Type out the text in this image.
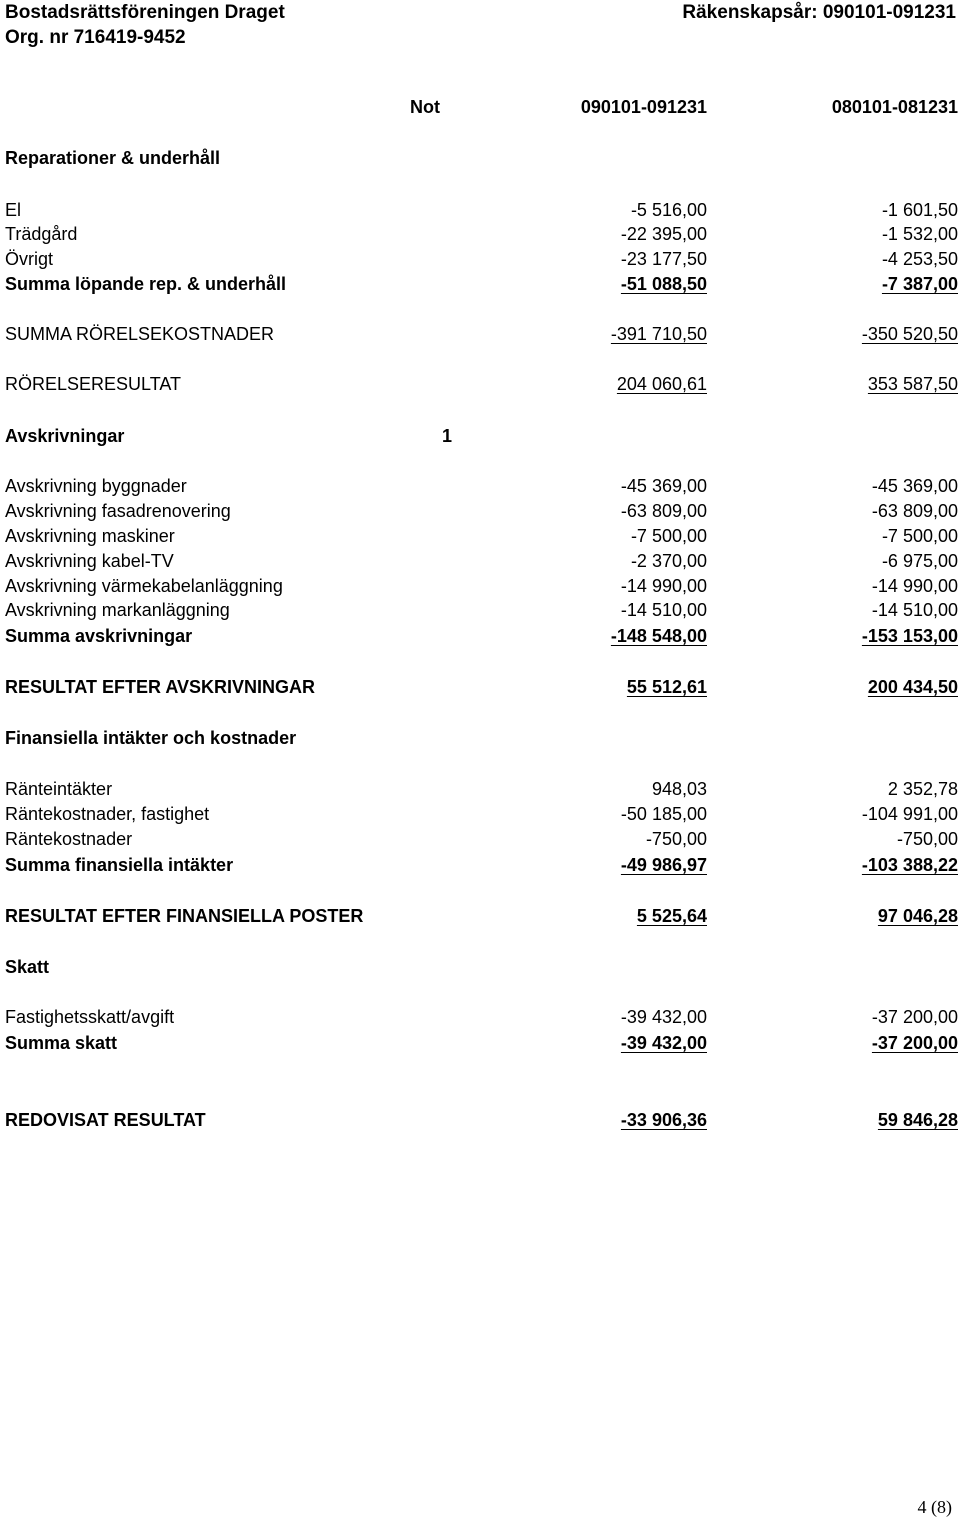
Bostadsrättsföreningen Draget
Org. nr 716419-9452
Räkenskapsår: 090101-091231
Not	090101-091231	080101-081231
Reparationer & underhåll
El	-5 516,00	-1 601,50
Trädgård	-22 395,00	-1 532,00
Övrigt	-23 177,50	-4 253,50
Summa löpande rep. & underhåll	-51 088,50	-7 387,00
SUMMA RÖRELSEKOSTNADER	-391 710,50	-350 520,50
RÖRELSERESULTAT	204 060,61	353 587,50
Avskrivningar	1
Avskrivning byggnader	-45 369,00	-45 369,00
Avskrivning fasadrenovering	-63 809,00	-63 809,00
Avskrivning maskiner	-7 500,00	-7 500,00
Avskrivning kabel-TV	-2 370,00	-6 975,00
Avskrivning värmekabelanläggning	-14 990,00	-14 990,00
Avskrivning markanläggning	-14 510,00	-14 510,00
Summa avskrivningar	-148 548,00	-153 153,00
RESULTAT EFTER AVSKRIVNINGAR	55 512,61	200 434,50
Finansiella intäkter och kostnader
Ränteintäkter	948,03	2 352,78
Räntekostnader, fastighet	-50 185,00	-104 991,00
Räntekostnader	-750,00	-750,00
Summa finansiella intäkter	-49 986,97	-103 388,22
RESULTAT EFTER FINANSIELLA POSTER	5 525,64	97 046,28
Skatt
Fastighetsskatt/avgift	-39 432,00	-37 200,00
Summa skatt	-39 432,00	-37 200,00
REDOVISAT RESULTAT	-33 906,36	59 846,28
4 (8)
